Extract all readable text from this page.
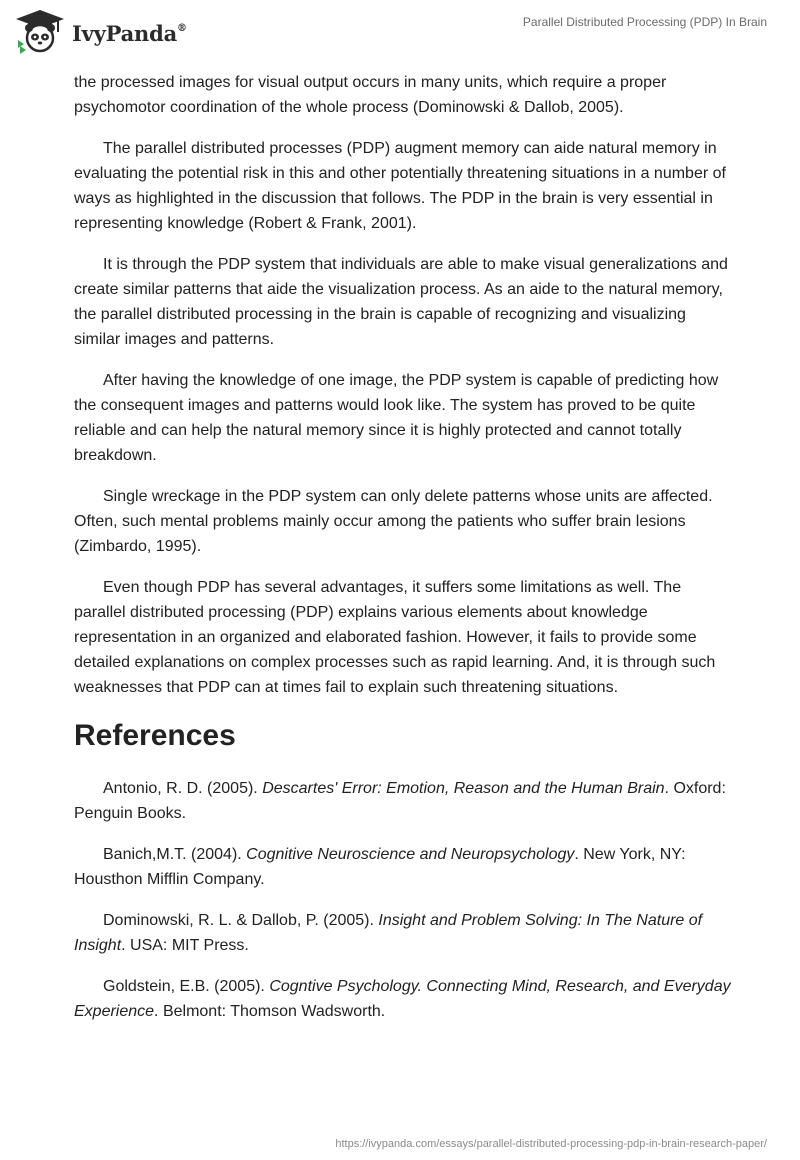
IvyPanda®	Parallel Distributed Processing (PDP) In Brain

the processed images for visual output occurs in many units, which require a proper psychomotor coordination of the whole process (Dominowski & Dallob, 2005).

The parallel distributed processes (PDP) augment memory can aide natural memory in evaluating the potential risk in this and other potentially threatening situations in a number of ways as highlighted in the discussion that follows. The PDP in the brain is very essential in representing knowledge (Robert & Frank, 2001).

It is through the PDP system that individuals are able to make visual generalizations and create similar patterns that aide the visualization process. As an aide to the natural memory, the parallel distributed processing in the brain is capable of recognizing and visualizing similar images and patterns.

After having the knowledge of one image, the PDP system is capable of predicting how the consequent images and patterns would look like. The system has proved to be quite reliable and can help the natural memory since it is highly protected and cannot totally breakdown.

Single wreckage in the PDP system can only delete patterns whose units are affected. Often, such mental problems mainly occur among the patients who suffer brain lesions (Zimbardo, 1995).

Even though PDP has several advantages, it suffers some limitations as well. The parallel distributed processing (PDP) explains various elements about knowledge representation in an organized and elaborated fashion. However, it fails to provide some detailed explanations on complex processes such as rapid learning. And, it is through such weaknesses that PDP can at times fail to explain such threatening situations.

References
Antonio, R. D. (2005). Descartes' Error: Emotion, Reason and the Human Brain. Oxford: Penguin Books.
Banich,M.T. (2004). Cognitive Neuroscience and Neuropsychology. New York, NY: Housthon Mifflin Company.
Dominowski, R. L. & Dallob, P. (2005). Insight and Problem Solving: In The Nature of Insight. USA: MIT Press.
Goldstein, E.B. (2005). Cogntive Psychology. Connecting Mind, Research, and Everyday Experience. Belmont: Thomson Wadsworth.
https://ivypanda.com/essays/parallel-distributed-processing-pdp-in-brain-research-paper/
